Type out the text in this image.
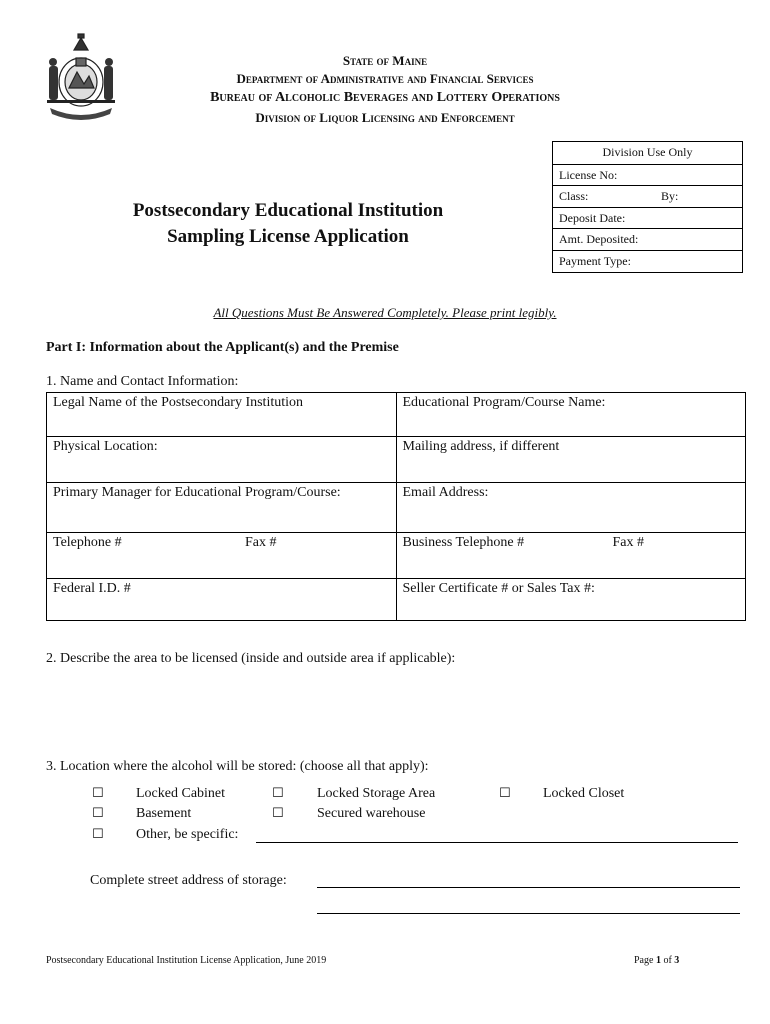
State of Maine
Department of Administrative and Financial Services
Bureau of Alcoholic Beverages and Lottery Operations
Division of Liquor Licensing and Enforcement
Postsecondary Educational Institution
Sampling License Application
Division Use Only
License No:
Class:	By:
Deposit Date:
Amt. Deposited:
Payment Type:
All Questions Must Be Answered Completely. Please print legibly.
Part I: Information about the Applicant(s) and the Premise
1. Name and Contact Information:
Legal Name of the Postsecondary Institution	Educational Program/Course Name:
Physical Location:	Mailing address, if different
Primary Manager for Educational Program/Course:	Email Address:
Telephone # Fax #	Business Telephone # Fax #

Federal I.D. #	Seller Certificate # or Sales Tax #:
2. Describe the area to be licensed (inside and outside area if applicable):
3. Location where the alcohol will be stored: (choose all that apply):
☐ Locked Cabinet	☐ Locked Storage Area	☐ Locked Closet
☐ Basement	☐ Secured warehouse
☐ Other, be specific:
Complete street address of storage:
Postsecondary Educational Institution License Application, June 2019	Page 1 of 3
